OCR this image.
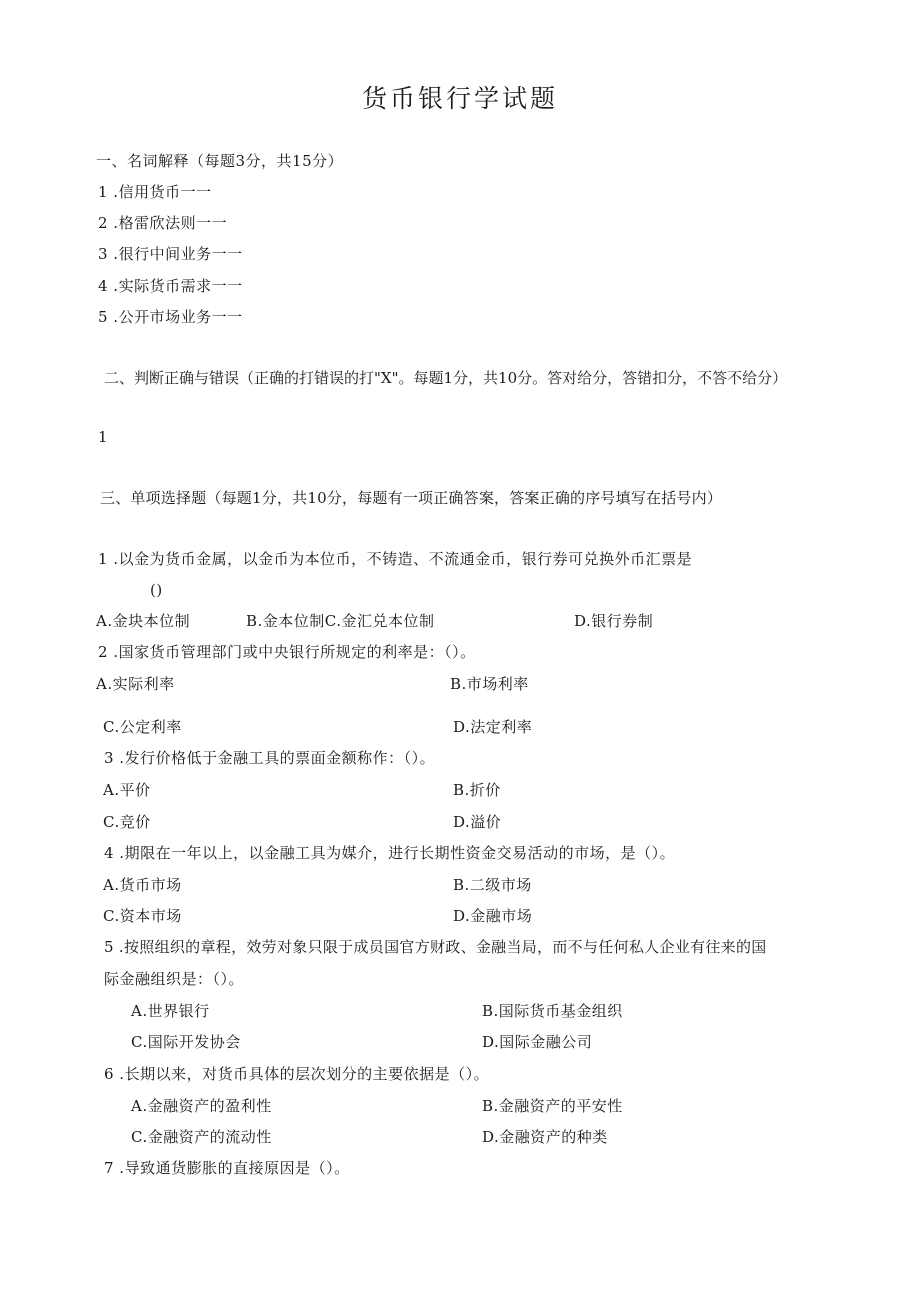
货币银行学试题
一、名词解释（每题3分，共15分）
1 .信用货币一一
2 .格雷欣法则一一
3 .很行中间业务一一
4 .实际货币需求一一
5 .公开市场业务一一
二、判断正确与错误（正确的打错误的打"X"。每题1分，共10分。答对给分，答错扣分，不答不给分）
1
三、单项选择题（每题1分，共10分，每题有一项正确答案，答案正确的序号填写在括号内）
1 .以金为货币金属，以金币为本位币，不铸造、不流通金币，银行券可兑换外币汇票是
()
A.金块本位制	B.金本位制C.金汇兑本位制	D.银行券制
2 .国家货币管理部门或中央银行所规定的利率是：（）。
A.实际利率	B.市场利率
C.公定利率	D.法定利率
3 .发行价格低于金融工具的票面金额称作：（）。
A.平价	B.折价
C.竞价	D.溢价
4 .期限在一年以上，以金融工具为媒介，进行长期性资金交易活动的市场，是（）。
A.货币市场	B.二级市场
C.资本市场	D.金融市场
5 .按照组织的章程，效劳对象只限于成员国官方财政、金融当局，而不与任何私人企业有往来的国
际金融组织是：（）。
A.世界银行	B.国际货币基金组织
C.国际开发协会	D.国际金融公司
6 .长期以来，对货币具体的层次划分的主要依据是（）。
A.金融资产的盈利性	B.金融资产的平安性
C.金融资产的流动性	D.金融资产的种类
7 .导致通货膨胀的直接原因是（）。
